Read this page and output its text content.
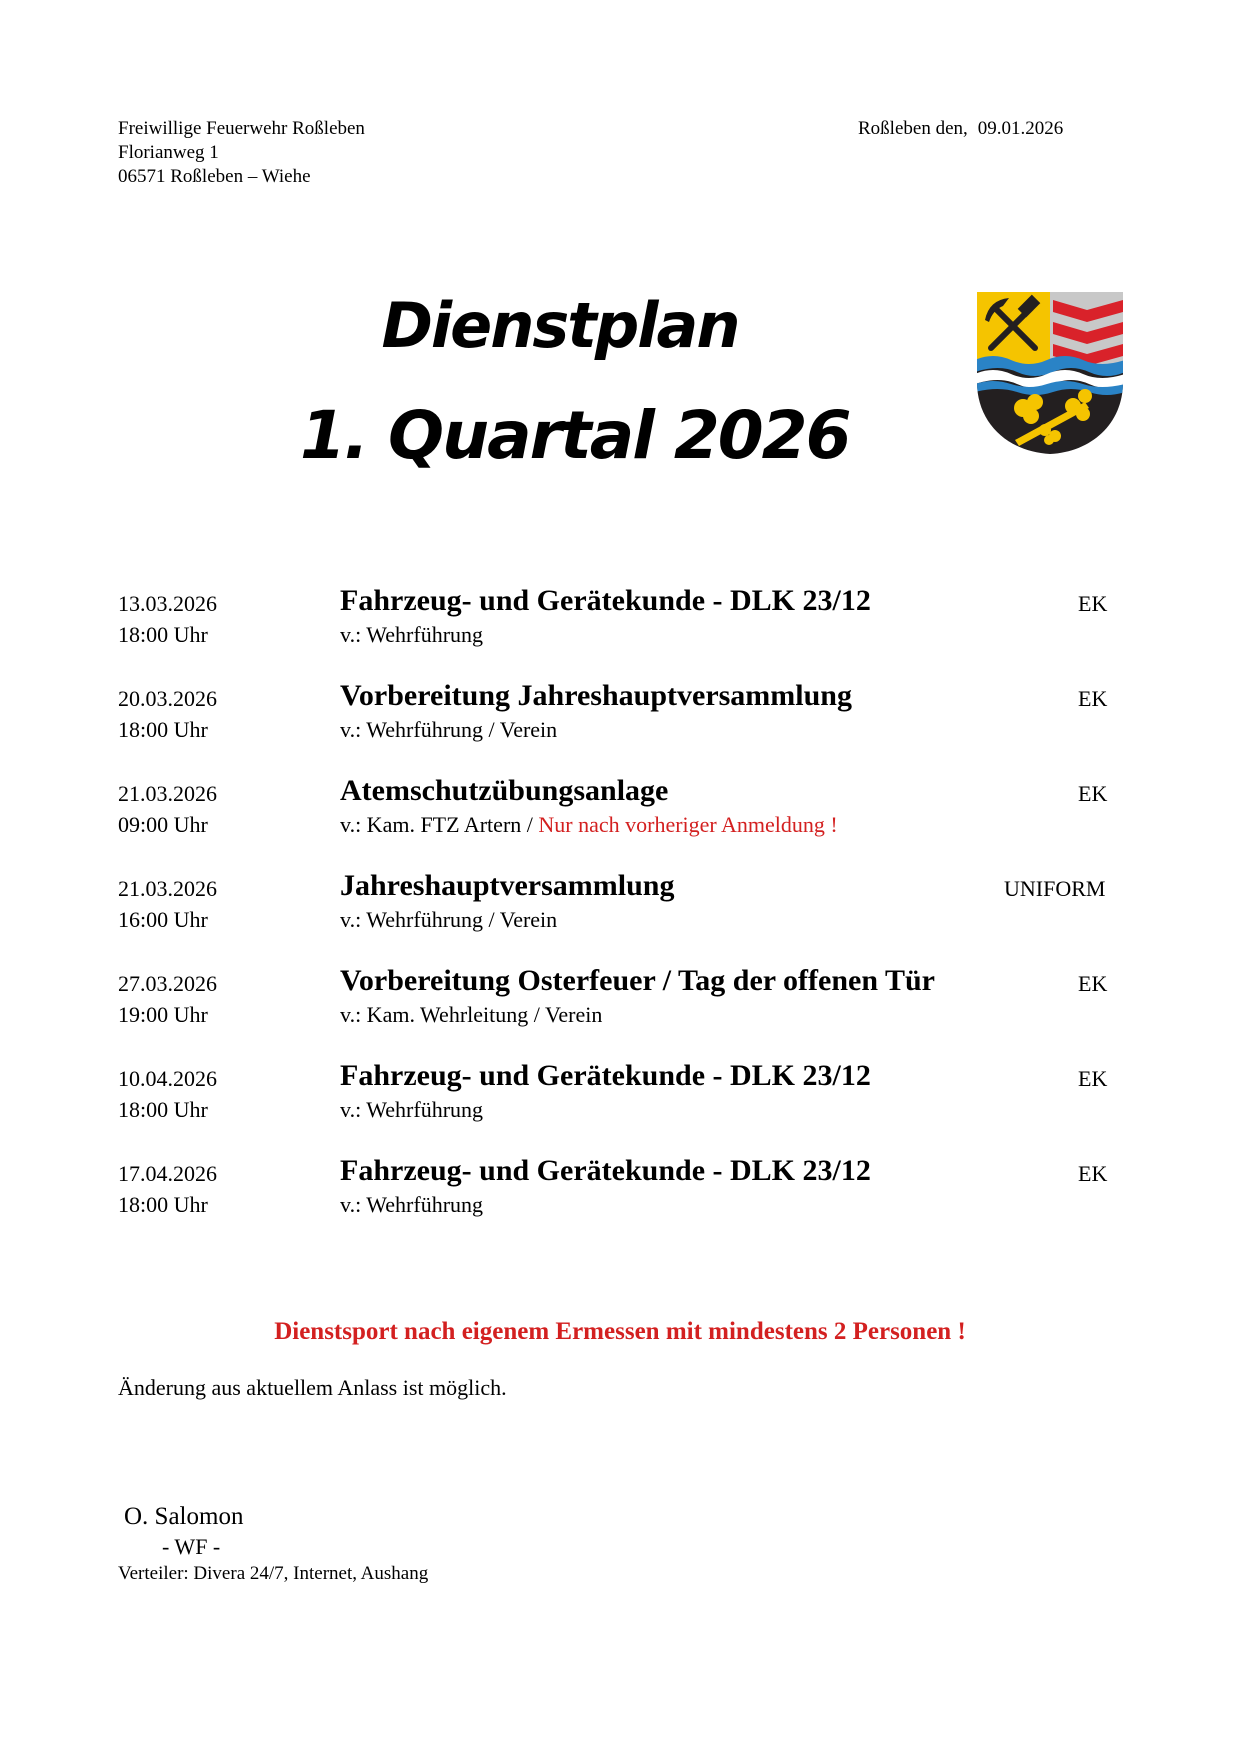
Freiwillige Feuerwehr Roßleben
Florianweg 1
06571 Roßleben – Wiehe
Roßleben den, 09.01.2026
Dienstplan
1. Quartal 2026
13.03.2026
18:00 Uhr
Fahrzeug- und Gerätekunde - DLK 23/12
v.: Wehrführung
EK
20.03.2026
18:00 Uhr
Vorbereitung Jahreshauptversammlung
v.: Wehrführung / Verein
EK
21.03.2026
09:00 Uhr
Atemschutzübungsanlage
v.: Kam. FTZ Artern / Nur nach vorheriger Anmeldung !
EK
21.03.2026
16:00 Uhr
Jahreshauptversammlung
v.: Wehrführung / Verein
UNIFORM
27.03.2026
19:00 Uhr
Vorbereitung Osterfeuer / Tag der offenen Tür
v.: Kam. Wehrleitung / Verein
EK
10.04.2026
18:00 Uhr
Fahrzeug- und Gerätekunde - DLK 23/12
v.: Wehrführung
EK
17.04.2026
18:00 Uhr
Fahrzeug- und Gerätekunde - DLK 23/12
v.: Wehrführung
EK
Dienstsport nach eigenem Ermessen mit mindestens 2 Personen !
Änderung aus aktuellem Anlass ist möglich.
O. Salomon
- WF -
Verteiler: Divera 24/7, Internet, Aushang
